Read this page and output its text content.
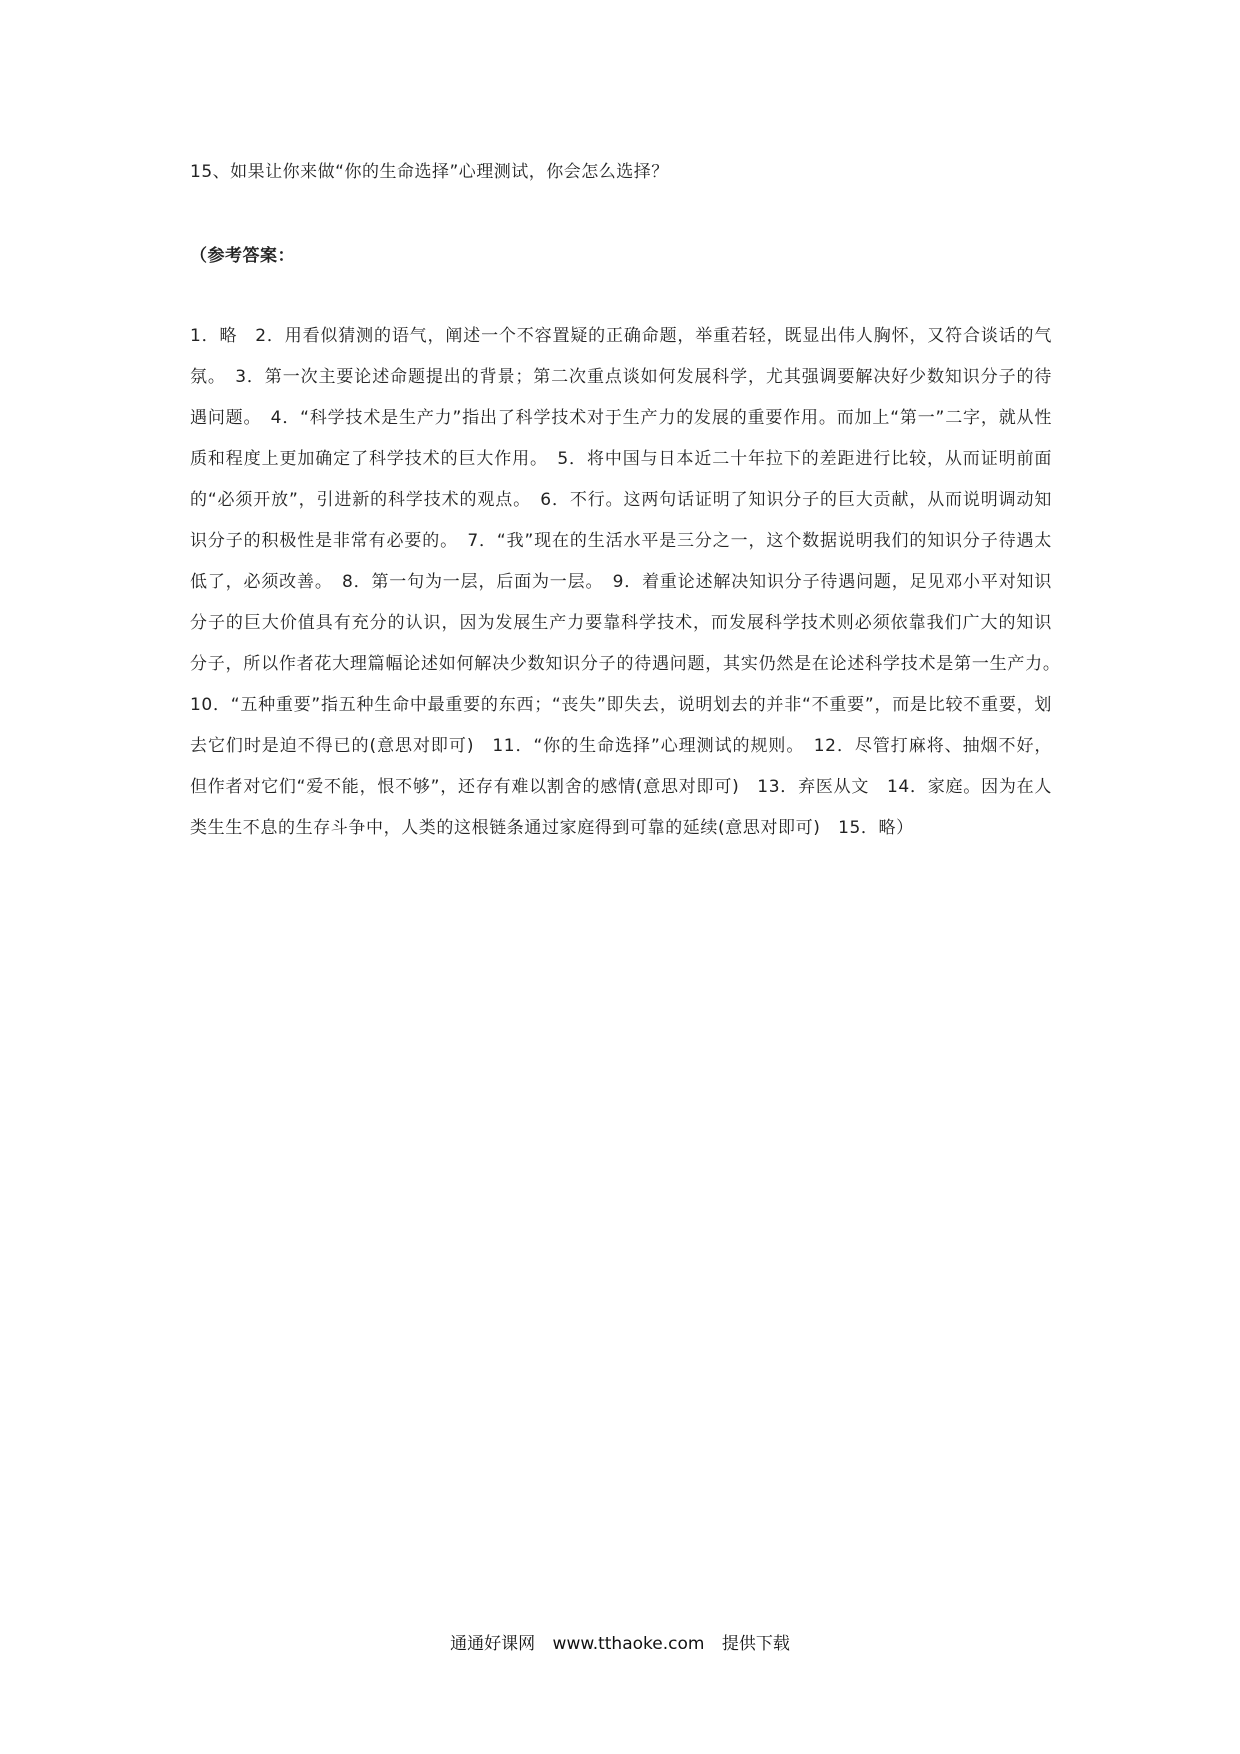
15、如果让你来做“你的生命选择”心理测试，你会怎么选择？
（参考答案：

1．略　2．用看似猜测的语气，阐述一个不容置疑的正确命题，举重若轻，既显出伟人胸怀，又符合谈话的气氛。　3．第一次主要论述命题提出的背景；第二次重点谈如何发展科学，尤其强调要解决好少数知识分子的待遇问题。　4．“科学技术是生产力”指出了科学技术对于生产力的发展的重要作用。而加上“第一”二字，就从性质和程度上更加确定了科学技术的巨大作用。　5．将中国与日本近二十年拉下的差距进行比较，从而证明前面的“必须开放”，引进新的科学技术的观点。　6．不行。这两句话证明了知识分子的巨大贡献，从而说明调动知识分子的积极性是非常有必要的。　7．“我”现在的生活水平是三分之一，这个数据说明我们的知识分子待遇太低了，必须改善。　8．第一句为一层，后面为一层。　9．着重论述解决知识分子待遇问题，足见邓小平对知识分子的巨大价值具有充分的认识，因为发展生产力要靠科学技术，而发展科学技术则必须依靠我们广大的知识分子，所以作者花大理篇幅论述如何解决少数知识分子的待遇问题，其实仍然是在论述科学技术是第一生产力。　10．“五种重要”指五种生命中最重要的东西；“丧失”即失去，说明划去的并非“不重要”，而是比较不重要，划去它们时是迫不得已的(意思对即可)　11．“你的生命选择”心理测试的规则。　12．尽管打麻将、抽烟不好，但作者对它们“爱不能，恨不够”，还存有难以割舍的感情(意思对即可)　13．弃医从文　14．家庭。因为在人类生生不息的生存斗争中，人类的这根链条通过家庭得到可靠的延续(意思对即可)　15．略）

通通好课网 www.tthaoke.com 提供下载
